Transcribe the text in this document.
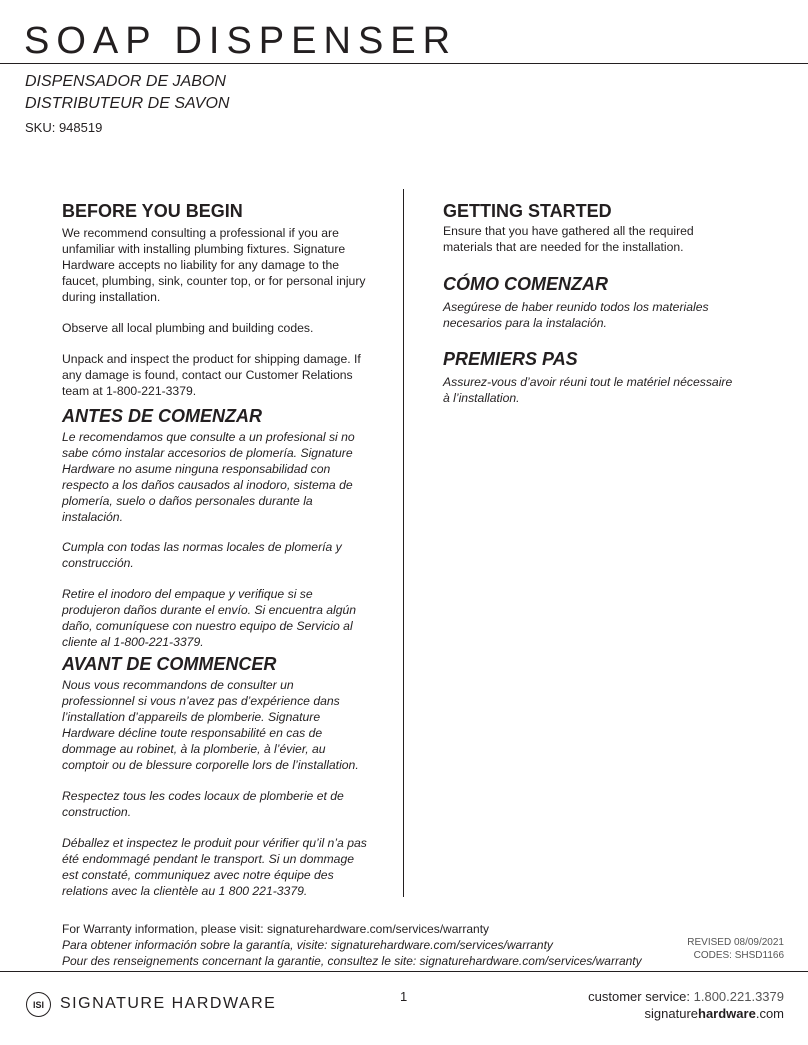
SOAP DISPENSER
DISPENSADOR DE JABON
DISTRIBUTEUR DE SAVON
SKU: 948519
BEFORE YOU BEGIN

We recommend consulting a professional if you are unfamiliar with installing plumbing fixtures. Signature Hardware accepts no liability for any damage to the faucet, plumbing, sink, counter top, or for personal injury during installation.

Observe all local plumbing and building codes.

Unpack and inspect the product for shipping damage. If any damage is found, contact our Customer Relations team at 1-800-221-3379.

ANTES DE COMENZAR

Le recomendamos que consulte a un profesional si no sabe cómo instalar accesorios de plomería. Signature Hardware no asume ninguna responsabilidad con respecto a los daños causados al inodoro, sistema de plomería, suelo o daños personales durante la instalación.

Cumpla con todas las normas locales de plomería y construcción.

Retire el inodoro del empaque y verifique si se produjeron daños durante el envío. Si encuentra algún daño, comuníquese con nuestro equipo de Servicio al cliente al 1-800-221-3379.

AVANT DE COMMENCER

Nous vous recommandons de consulter un professionnel si vous n’avez pas d’expérience dans l’installation d’appareils de plomberie. Signature Hardware décline toute responsabilité en cas de dommage au robinet, à la plomberie, à l’évier, au comptoir ou de blessure corporelle lors de l’installation.

Respectez tous les codes locaux de plomberie et de construction.

Déballez et inspectez le produit pour vérifier qu’il n’a pas été endommagé pendant le transport. Si un dommage est constaté, communiquez avec notre équipe des relations avec la clientèle au 1 800 221-3379.

GETTING STARTED

Ensure that you have gathered all the required materials that are needed for the installation.

CÓMO COMENZAR

Asegúrese de haber reunido todos los materiales necesarios para la instalación.

PREMIERS PAS

Assurez-vous d’avoir réuni tout le matériel nécessaire à l’installation.

For Warranty information, please visit: signaturehardware.com/services/warranty
Para obtener información sobre la garantía, visite: signaturehardware.com/services/warranty
Pour des renseignements concernant la garantie, consultez le site: signaturehardware.com/services/warranty
REVISED 08/09/2021
CODES: SHSD1166
ISI SIGNATURE HARDWARE	1	customer service: 1.800.221.3379
signaturehardware.com
